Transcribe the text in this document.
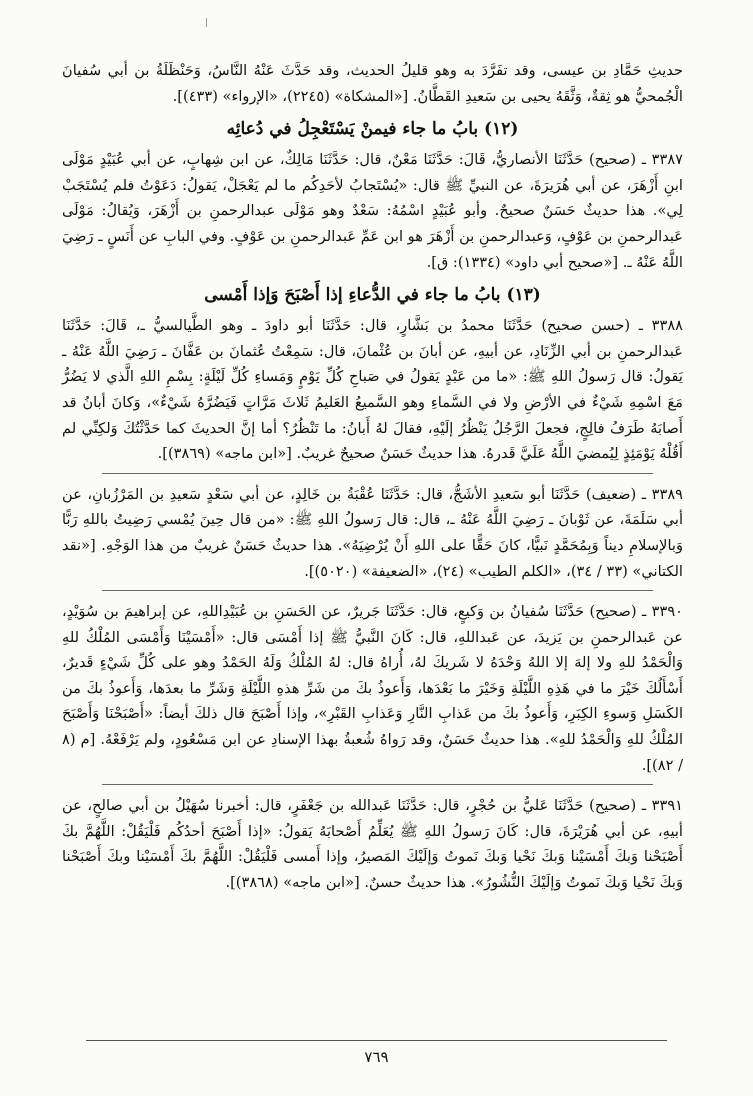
حديثِ حَمَّادِ بن عيسى، وقد تفَرَّدَ به وهو قليلُ الحديث، وقد حَدَّثَ عَنْهُ النَّاسُ، وَحَنْظَلَةُ بن أبي سُفيانَ الْجُمحيُّ هو ثِقةٌ، وَثَّقَهُ يحيى بن سَعيدِ القَطَّانُ. [«المشكاة» (٢٢٤٥)، «الإرواء» (٤٣٣)].

(١٢) بابُ ما جاء فيمنْ يَسْتَعْجِلُ في دُعائِه

٣٣٨٧ ـ (صحيح) حَدَّثَنَا الأنصاريُّ، قَالَ: حَدَّثَنَا مَعْنٌ، قال: حَدَّثَنَا مَالِكٌ، عن ابن شِهابٍ، عن أبي عُبَيْدٍ مَوْلَى ابنِ أَزْهَرَ، عن أبي هُرَيرَةَ، عن النبيِّ ﷺ قال: «يُسْتَجابُ لأحَدِكُم ما لم يَعْجَلْ، يَقولُ: دَعَوْتُ فلم يُسْتَجَبْ لِي». هذا حديثٌ حَسَنٌ صحيحٌ. وأبو عُبَيْدٍ اسْمُهُ: سَعْدٌ وهو مَوْلَى عبدالرحمنِ بن أَزْهَرَ، وَيُقالُ: مَوْلَى عَبدالرحمنِ بن عَوْفٍ، وَعبدالرحمنِ بن أَزْهَرَ هو ابن عَمِّ عَبدالرحمنِ بن عَوْفٍ. وفي البابِ عن أَنَسٍ ـ رَضِيَ اللَّهُ عَنْهُ ـ. [«صحيح أبي داود» (١٣٣٤): ق].

(١٣) بابُ ما جاء في الدُّعاءِ إذا أَصْبَحَ وَإذا أَمْسى

٣٣٨٨ ـ (حسن صحيح) حَدَّثَنَا محمدُ بن بَشَّارٍ، قال: حَدَّثَنَا أبو داودَ ـ وهو الطَّيالسيُّ ـ، قَالَ: حَدَّثَنَا عَبدالرحمنِ بن أبي الزِّنَادِ، عن أبيهِ، عن أبانَ بن عُثْمانَ، قال: سَمِعْتُ عُثمانَ بن عَفَّانَ ـ رَضِيَ اللَّهُ عَنْهُ ـ يَقولُ: قال رَسولُ اللهِ ﷺ: «ما من عَبْدٍ يَقولُ في صَباحِ كُلِّ يَوْمٍ وَمَساءِ كُلِّ لَيْلَةٍ: بِسْمِ اللهِ الَّذي لا يَضُرُّ مَعَ اسْمِهِ شَيْءٌ في الأرْضِ ولا في السَّماءِ وهو السَّميعُ العَليمُ ثَلاثَ مَرَّاتٍ فَيَضُرَّهُ شَيْءٌ»، وَكانَ أبانُ قد أَصابَهُ طَرَفُ فالِجٍ، فجعلَ الرَّجُلُ يَنْظُرُ إلَيْهِ، فقالَ لهُ أَبانُ: ما تَنْظُرُ؟ أما إنَّ الحديثَ كما حَدَّثْتُكَ وَلكِنِّي لم أَقُلْهُ يَوْمَئِذٍ لِيُمضيَ اللَّهُ عَلَيَّ قَدرهُ. هذا حديثٌ حَسَنٌ صحيحٌ غريبٌ. [«ابن ماجه» (٣٨٦٩)].

٣٣٨٩ ـ (ضعيف) حَدَّثَنَا أبو سَعيدِ الأشَجُّ، قال: حَدَّثَنَا عُقْبَةُ بن خَالِدٍ، عن أبي سَعْدٍ سَعيدِ بن المَرْزُبانِ، عن أبي سَلَمَةَ، عن ثَوْبانَ ـ رَضِيَ اللَّهُ عَنْهُ ـ، قال: قال رَسولُ اللهِ ﷺ: «من قال حِينَ يُمْسي رَضِيتُ باللهِ رَبًّا وَبالإسلامِ ديناً وَبِمُحَمَّدٍ نَبيًّا، كانَ حَقًّا على اللهِ أَنْ يُرْضِيَهُ». هذا حديثٌ حَسَنٌ غريبٌ من هذا الوَجْهِ. [«نقد الكتاني» (٣٣ / ٣٤)، «الكلم الطيب» (٢٤)، «الضعيفة» (٥٠٢٠)].

٣٣٩٠ ـ (صحيح) حَدَّثَنَا سُفيانُ بن وَكيعٍ، قال: حَدَّثَنَا جَريرٌ، عن الحَسَنِ بن عُبَيْدِاللهِ، عن إبراهيمَ بن سُوَيْدٍ، عن عَبدالرحمنِ بن يَزيدَ، عن عَبداللهِ، قال: كَانَ النَّبيُّ ﷺ إذا أَمْسَى قال: «أَمْسَيْنَا وَأَمْسَى المُلْكُ للهِ وَالْحَمْدُ للهِ ولا إلهَ إلا اللهُ وَحْدَهُ لا شَريكَ لهُ، أُراهُ قال: لهُ المُلْكُ وَلَهُ الحَمْدُ وهو على كُلِّ شَيْءٍ قَديرٌ، أَسْأَلُكَ خَيْرَ ما في هَذِهِ اللَّيْلَةِ وَخَيْرَ ما بَعْدَها، وَأَعوذُ بكَ من شَرِّ هذهِ اللَّيْلَةِ وَشَرِّ ما بعدَها، وَأَعوذُ بكَ من الكَسَلِ وَسوءِ الكِبَرِ، وَأَعوذُ بكَ من عَذابِ النَّارِ وَعَذابِ القَبْرِ»، وإذا أَصْبَحَ قال ذلكَ أيضاً: «أَصْبَحْنَا وَأَصْبَحَ المُلْكُ للهِ وَالْحَمْدُ للهِ». هذا حديثٌ حَسَنٌ، وقد رَواهُ شُعبةُ بهذا الإسنادِ عن ابن مَسْعُودٍ، ولم يَرْفَعْهُ. [م (٨ / ٨٢)].

٣٣٩١ ـ (صحيح) حَدَّثَنَا عَليُّ بن حُجْرٍ، قال: حَدَّثَنَا عَبدالله بن جَعْفَرٍ، قال: أخبرنا سُهَيْلُ بن أبي صالحٍ، عن أبيهِ، عن أبي هُرَيْرَةَ، قال: كَانَ رَسولُ اللهِ ﷺ يُعَلِّمُ أَصْحابَهُ يَقولُ: «إذا أَصْبَحَ أحدُكُم فَلْيَقُلْ: اللَّهُمَّ بكَ أَصْبَحْنا وَبكَ أَمْسَيْنا وَبكَ نَحْيا وَبكَ نَموتُ وَإلَيْكَ المَصيرُ، وإذا أَمسى فَلْيَقُلْ: اللَّهُمَّ بكَ أَمْسَيْنا وبكَ أَصْبَحْنا وَبكَ نَحْيا وَبكَ نَموتُ وَإلَيْكَ النُّشُورُ». هذا حديثٌ حسنٌ. [«ابن ماجه» (٣٨٦٨)].

٧٦٩
